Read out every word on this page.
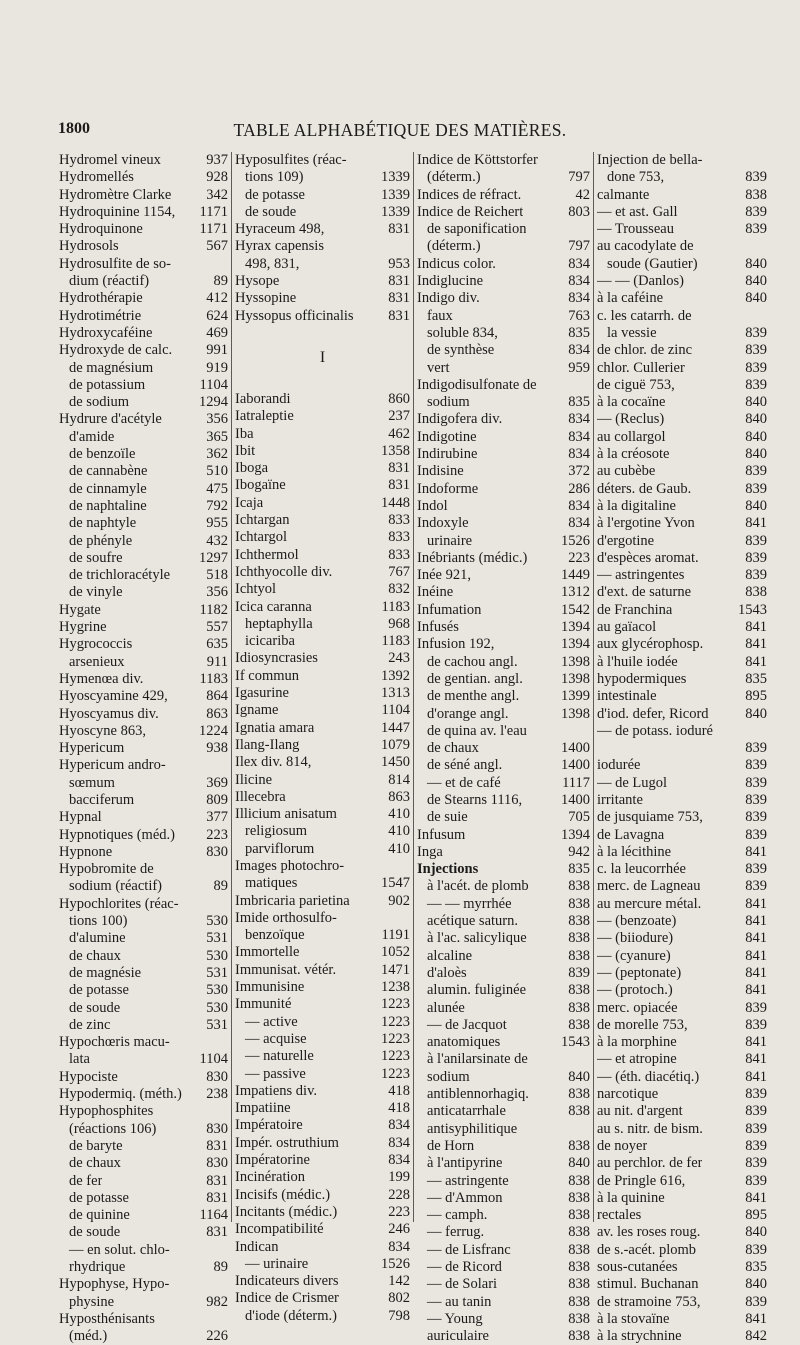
1800	TABLE ALPHABÉTIQUE DES MATIÈRES.
Hydromel vineux	937
Hydromellés	928
Hydromètre Clarke 342
Hydroquinine 1154, 1171
Hydroquinone	1171
Hydrosols	567
Hydrosulfite de so-
dium (réactif)	89
Hydrothérapie	412
Hydrotimétrie	624
Hydroxycaféine	469
Hydroxyde de calc. 991
de magnésium	919
de potassium	1104
de sodium	1294
Hydrure d'acétyle	356
d'amide	365
de benzoïle	362
de cannabène	510
de cinnamyle	475
de naphtaline	792
de naphtyle	955
de phényle	432
de soufre	1297
de trichloracétyle 518
de vinyle	356
Hygate	1182
Hygrine	557
Hygrococcis	635
arsenieux	911
Hymenœa div.	1183
Hyoscyamine 429,	864
Hyoscyamus div.	863
Hyoscyne 863,	1224
Hypericum	938
Hypericum andro-
sœmum	369
bacciferum	809
Hypnal	377
Hypnotiques (méd.) 223
Hypnone	830
Hypobromite de
sodium (réactif)	89
Hypochlorites (réac-
tions 100)	530
d'alumine	531
de chaux	530
de magnésie	531
de potasse	530
de soude	530
de zinc	531
Hypochœris macu-
lata	1104
Hypociste	830
Hypodermiq. (méth.) 238
Hypophosphites
(réactions 106)	830
de baryte	831
de chaux	830
de fer	831
de potasse	831
de quinine	1164
de soude	831
— en solut. chlo-
rhydrique	89
Hypophyse, Hypo-
physine	982
Hyposthénisants
(méd.)	226
Hyposulfites (réac-
tions 109)	1339
de potasse	1339
de soude	1339
Hyraceum 498,	831
Hyrax capensis
498, 831,	953
Hysope	831
Hyssopine	831
Hyssopus officinalis 831
I
Iaborandi	860
Iatraleptie	237
Iba	462
Ibit	1358
Iboga	831
Ibogaïne	831
Icaja	1448
Ichtargan	833
Ichtargol	833
Ichthermol	833
Ichthyocolle div.	767
Ichtyol	832
Icica caranna	1183
heptaphylla	968
icicariba	1183
Idiosyncrasies	243
If commun	1392
Igasurine	1313
Igname	1104
Ignatia amara	1447
Ilang-Ilang	1079
Ilex div. 814,	1450
Ilicine	814
Illecebra	863
Illicium anisatum	410
religiosum	410
parviflorum	410
Images photochro-
matiques	1547
Imbricaria parietina	902
Imide orthosulfo-
benzoïque	1191
Immortelle	1052
Immunisat. vétér.	1471
Immunisine	1238
Immunité	1223
— active	1223
— acquise	1223
— naturelle	1223
— passive	1223
Impatiens div.	418
Impatiine	418
Impératoire	834
Impér. ostruthium	834
Impératorine	834
Incinération	199
Incisifs (médic.)	228
Incitants (médic.)	223
Incompatibilité	246
Indican	834
— urinaire	1526
Indicateurs divers	142
Indice de Crismer	802
d'iode (déterm.)	798
Indice de Köttstorfer
(déterm.)	797
Indices de réfract.	42
Indice de Reichert	803
de saponification
(déterm.)	797
Indicus color.	834
Indiglucine	834
Indigo div.	834
faux	763
soluble 834,	835
de synthèse	834
vert	959
Indigodisulfonate de
sodium	835
Indigofera div.	834
Indigotine	834
Indirubine	834
Indisine	372
Indoforme	286
Indol	834
Indoxyle	834
urinaire	1526
Inébriants (médic.)	223
Inée 921,	1449
Inéine	1312
Infumation	1542
Infusés	1394
Infusion 192,	1394
de cachou angl.	1398
de gentian. angl.	1398
de menthe angl.	1399
d'orange angl.	1398
de quina av. l'eau
de chaux	1400
de séné angl.	1400
— et de café	1117
de Stearns 1116,	1400
de suie	705
Infusum	1394
Inga	942
Injections	835
à l'acét. de plomb	838
— — myrrhée	838
acétique saturn.	838
à l'ac. salicylique	838
alcaline	838
d'aloès	839
alumin. fuliginée	838
alunée	838
— de Jacquot	838
anatomiques	1543
à l'anilarsinate de
sodium	840
antiblennorhagiq.	838
anticatarrhale	838
antisyphilitique
de Horn	838
à l'antipyrine	840
— astringente	838
— d'Ammon	838
— camph.	838
— ferrug.	838
— de Lisfranc	838
— de Ricord	838
— de Solari	838
— au tanin	838
— Young	838
auriculaire	838
Injection de bella-
done 753,	839
calmante	838
— et ast. Gall	839
— Trousseau	839
au cacodylate de
soude (Gautier)	840
— — (Danlos)	840
à la caféine	840
c. les catarrh. de
la vessie	839
de chlor. de zinc	839
chlor. Cullerier	839
de ciguë 753,	839
à la cocaïne	840
— (Reclus)	840
au collargol	840
à la créosote	840
au cubèbe	839
déters. de Gaub.	839
à la digitaline	840
à l'ergotine Yvon	841
d'ergotine	839
d'espèces aromat.	839
— astringentes	839
d'ext. de saturne	838
de Franchina	1543
au gaïacol	841
aux glycérophosp.	841
à l'huile iodée	841
hypodermiques	835
intestinale	895
d'iod. defer, Ricord	840
— de potass. ioduré
839
iodurée	839
— de Lugol	839
irritante	839
de jusquiame 753,	839
de Lavagna	839
à la lécithine	841
c. la leucorrhée	839
merc. de Lagneau	839
au mercure métal.	841
— (benzoate)	841
— (biiodure)	841
— (cyanure)	841
— (peptonate)	841
— (protoch.)	841
merc. opiacée	839
de morelle 753,	839
à la morphine	841
— et atropine	841
— (éth. diacétiq.)	841
narcotique	839
au nit. d'argent	839
au s. nitr. de bism.	839
de noyer	839
au perchlor. de fer	839
de Pringle 616,	839
à la quinine	841
rectales	895
av. les roses roug.	840
de s.-acét. plomb	839
sous-cutanées	835
stimul. Buchanan	840
de stramoine 753,	839
à la stovaïne	841
à la strychnine	842
